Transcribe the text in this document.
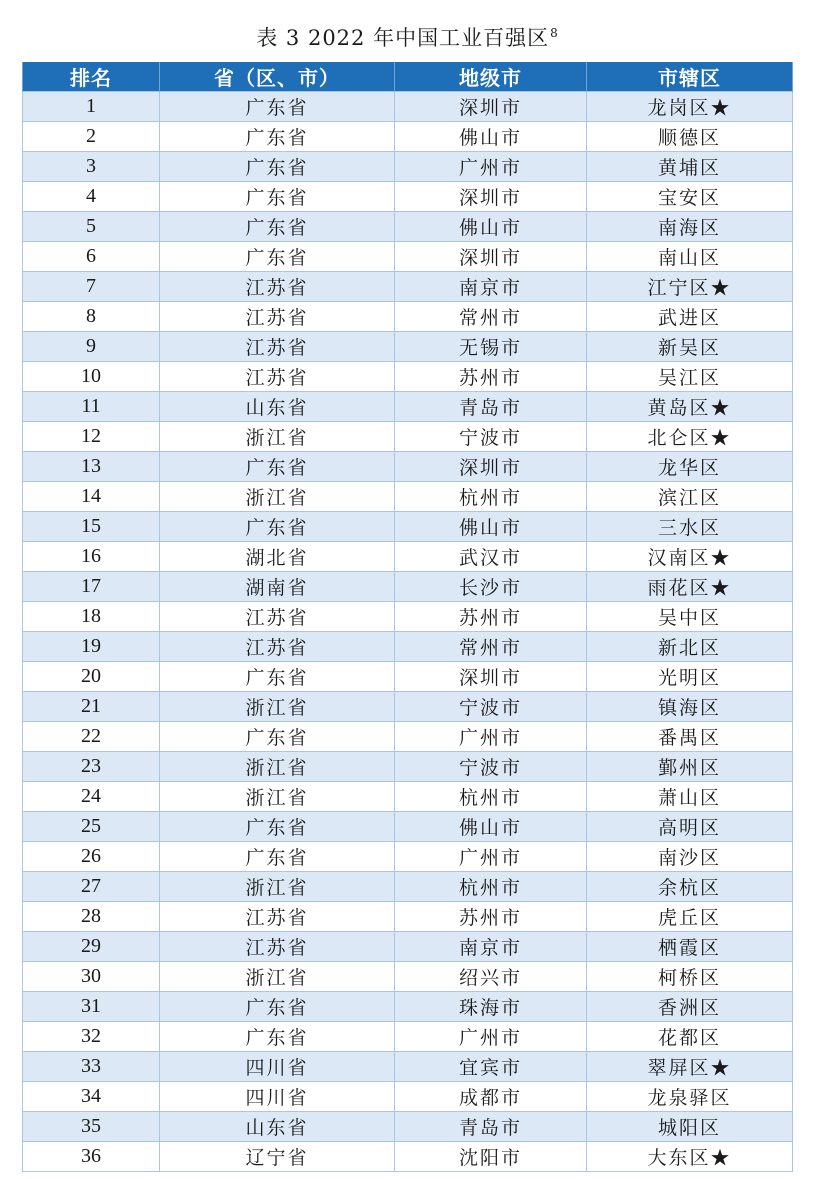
表 3 2022 年中国工业百强区$^8$
排名	省（区、市）	地级市	市辖区
1	广东省	深圳市	龙岗区★
2	广东省	佛山市	顺德区
3	广东省	广州市	黄埔区
4	广东省	深圳市	宝安区
5	广东省	佛山市	南海区
6	广东省	深圳市	南山区
7	江苏省	南京市	江宁区★
8	江苏省	常州市	武进区
9	江苏省	无锡市	新吴区
10	江苏省	苏州市	吴江区
11	山东省	青岛市	黄岛区★
12	浙江省	宁波市	北仑区★
13	广东省	深圳市	龙华区
14	浙江省	杭州市	滨江区
15	广东省	佛山市	三水区
16	湖北省	武汉市	汉南区★
17	湖南省	长沙市	雨花区★
18	江苏省	苏州市	吴中区
19	江苏省	常州市	新北区
20	广东省	深圳市	光明区
21	浙江省	宁波市	镇海区
22	广东省	广州市	番禺区
23	浙江省	宁波市	鄞州区
24	浙江省	杭州市	萧山区
25	广东省	佛山市	高明区
26	广东省	广州市	南沙区
27	浙江省	杭州市	余杭区
28	江苏省	苏州市	虎丘区
29	江苏省	南京市	栖霞区
30	浙江省	绍兴市	柯桥区
31	广东省	珠海市	香洲区
32	广东省	广州市	花都区
33	四川省	宜宾市	翠屏区★
34	四川省	成都市	龙泉驿区
35	山东省	青岛市	城阳区
36	辽宁省	沈阳市	大东区★
